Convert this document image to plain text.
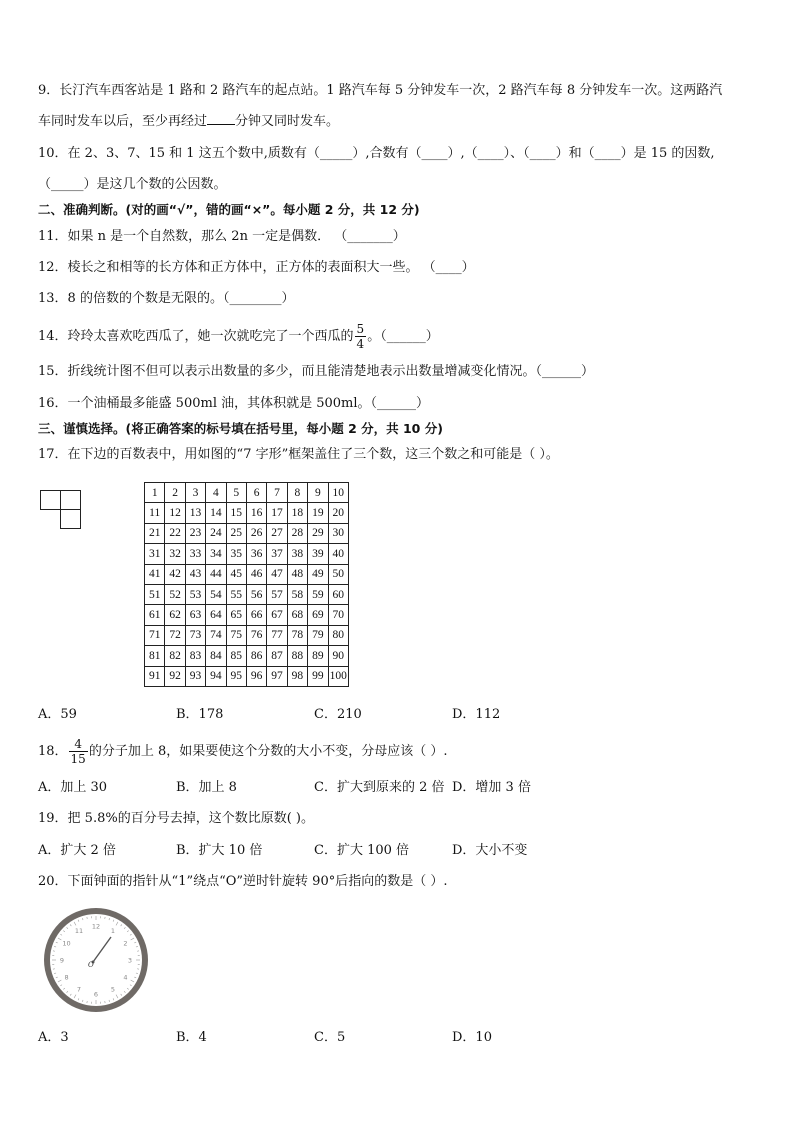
9．长汀汽车西客站是 1 路和 2 路汽车的起点站。1 路汽车每 5 分钟发车一次，2 路汽车每 8 分钟发车一次。这两路汽
车同时发车以后，至少再经过 分钟又同时发车。
10．在 2、3、7、15 和 1 这五个数中,质数有（_____）,合数有（____）,（____）、（____）和（____）是 15 的因数,
（_____）是这几个数的公因数。
二、准确判断。(对的画“√”，错的画“×”。每小题 2 分，共 12 分)
11．如果 n 是一个自然数，那么 2n 一定是偶数． （_______）
12．棱长之和相等的长方体和正方体中，正方体的表面积大一些。 （____）
13．8 的倍数的个数是无限的。（________）
14．玲玲太喜欢吃西瓜了，她一次就吃完了一个西瓜的 $\frac{5}{4}$ 。（______）
15．折线统计图不但可以表示出数量的多少，而且能清楚地表示出数量增减变化情况。（______）
16．一个油桶最多能盛 500ml 油，其体积就是 500ml。（______）
三、谨慎选择。(将正确答案的标号填在括号里，每小题 2 分，共 10 分)
17．在下边的百数表中，用如图的“7 字形”框架盖住了三个数，这三个数之和可能是（ ）。
1	2	3	4	5	6	7	8	9	10
11	12	13	14	15	16	17	18	19	20
21	22	23	24	25	26	27	28	29	30
31	32	33	34	35	36	37	38	39	40
41	42	43	44	45	46	47	48	49	50
51	52	53	54	55	56	57	58	59	60
61	62	63	64	65	66	67	68	69	70
71	72	73	74	75	76	77	78	79	80
81	82	83	84	85	86	87	88	89	90
91	92	93	94	95	96	97	98	99	100
A．59	B．178	C．210	D．112
18． $\frac{4}{15}$ 的分子加上 8，如果要使这个分数的大小不变，分母应该（ ）.
A．加上 30	B．加上 8	C．扩大到原来的 2 倍 D．增加 3 倍
19．把 5.8%的百分号去掉，这个数比原数( )。
A．扩大 2 倍	B．扩大 10 倍	C．扩大 100 倍	D．大小不变
20．下面钟面的指针从“1”绕点“O”逆时针旋转 90°后指向的数是（ ）.
12
1
2
3
4
5
6
7
8
9
10
11
O
A．3	B．4	C．5	D．10
